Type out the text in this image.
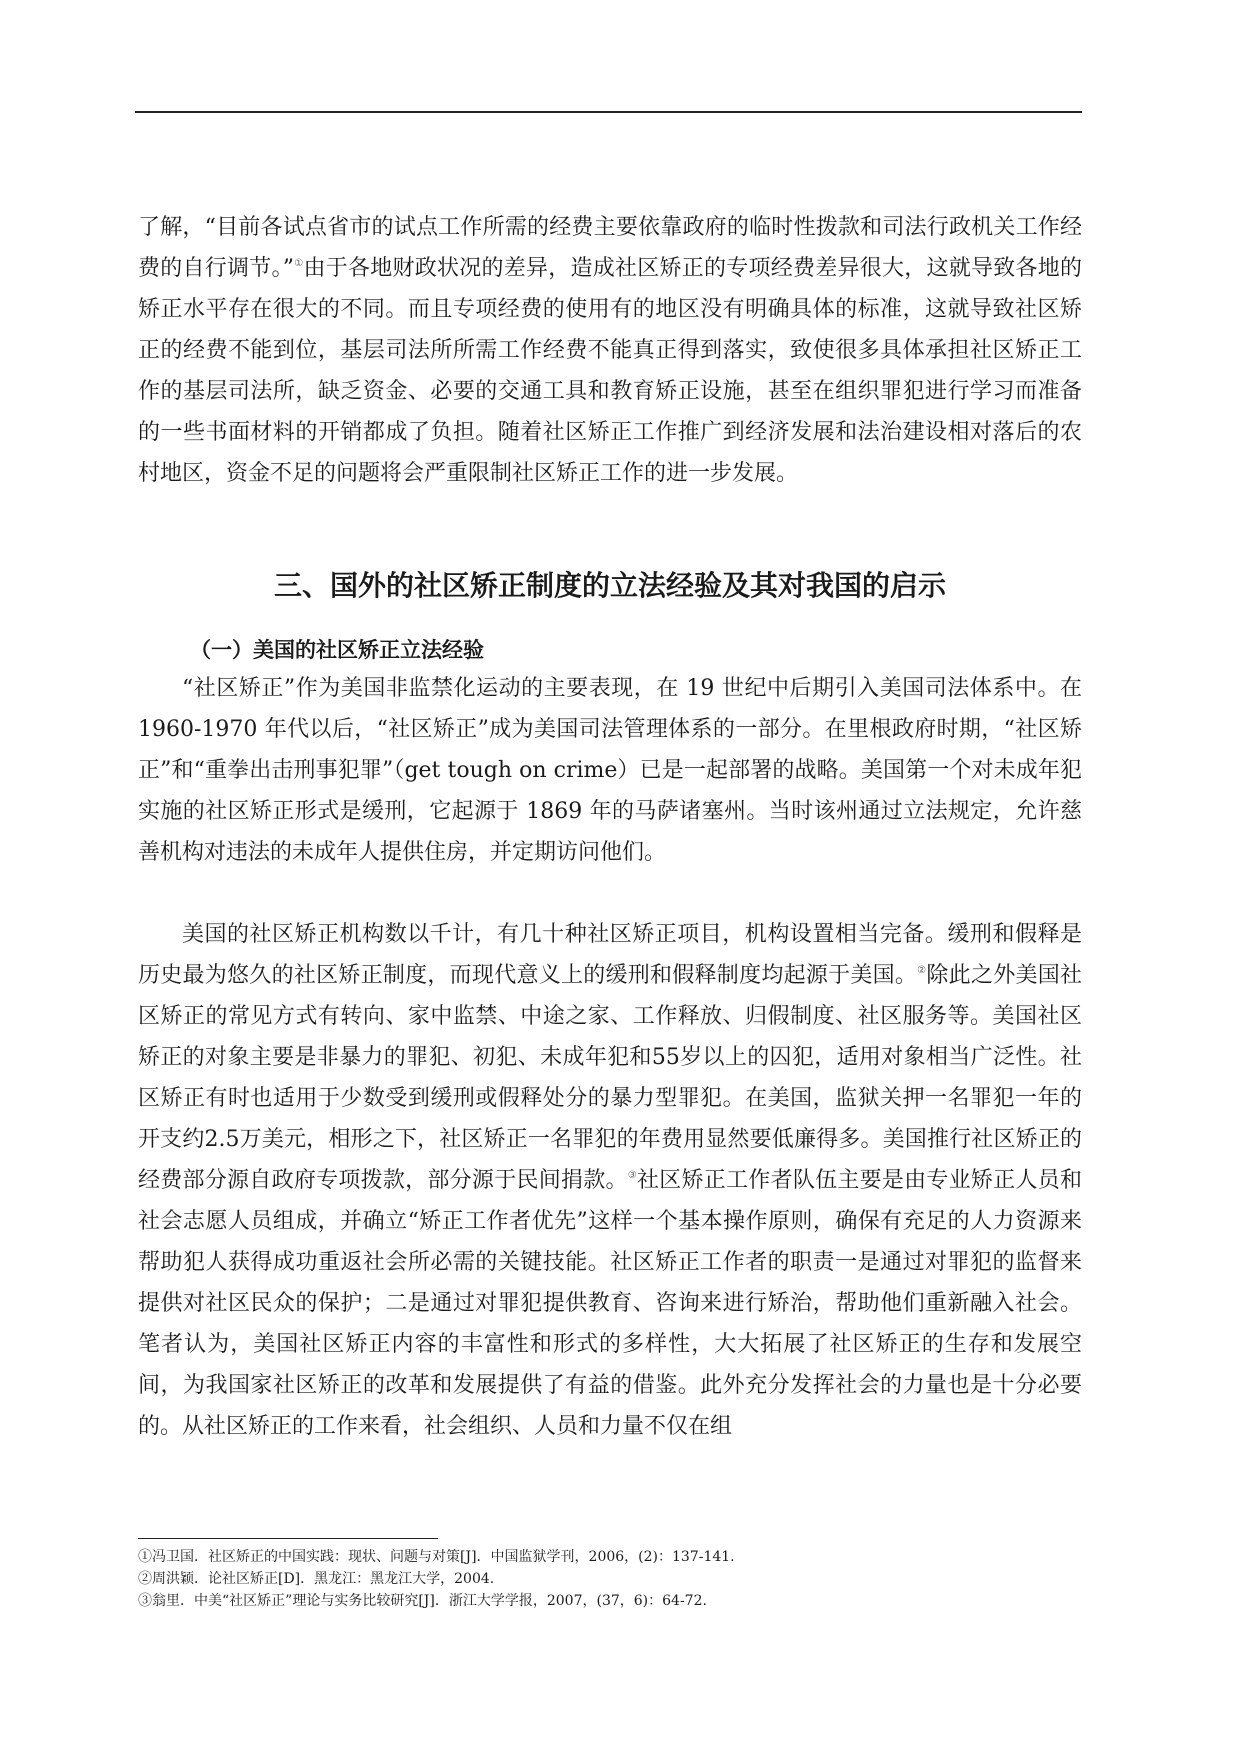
了解，“目前各试点省市的试点工作所需的经费主要依靠政府的临时性拨款和司法行政机关工作经费的自行调节。”①由于各地财政状况的差异，造成社区矫正的专项经费差异很大，这就导致各地的矫正水平存在很大的不同。而且专项经费的使用有的地区没有明确具体的标准，这就导致社区矫正的经费不能到位，基层司法所所需工作经费不能真正得到落实，致使很多具体承担社区矫正工作的基层司法所，缺乏资金、必要的交通工具和教育矫正设施，甚至在组织罪犯进行学习而准备的一些书面材料的开销都成了负担。随着社区矫正工作推广到经济发展和法治建设相对落后的农村地区，资金不足的问题将会严重限制社区矫正工作的进一步发展。

三、国外的社区矫正制度的立法经验及其对我国的启示
（一）美国的社区矫正立法经验

“社区矫正”作为美国非监禁化运动的主要表现，在 19 世纪中后期引入美国司法体系中。在 1960-1970 年代以后，“社区矫正”成为美国司法管理体系的一部分。在里根政府时期，“社区矫正”和“重拳出击刑事犯罪”（get tough on crime）已是一起部署的战略。美国第一个对未成年犯实施的社区矫正形式是缓刑，它起源于 1869 年的马萨诸塞州。当时该州通过立法规定，允许慈善机构对违法的未成年人提供住房，并定期访问他们。

美国的社区矫正机构数以千计，有几十种社区矫正项目，机构设置相当完备。缓刑和假释是历史最为悠久的社区矫正制度，而现代意义上的缓刑和假释制度均起源于美国。②除此之外美国社区矫正的常见方式有转向、家中监禁、中途之家、工作释放、归假制度、社区服务等。美国社区矫正的对象主要是非暴力的罪犯、初犯、未成年犯和55岁以上的囚犯，适用对象相当广泛性。社区矫正有时也适用于少数受到缓刑或假释处分的暴力型罪犯。在美国，监狱关押一名罪犯一年的开支约2.5万美元，相形之下，社区矫正一名罪犯的年费用显然要低廉得多。美国推行社区矫正的经费部分源自政府专项拨款，部分源于民间捐款。③社区矫正工作者队伍主要是由专业矫正人员和社会志愿人员组成，并确立“矫正工作者优先”这样一个基本操作原则，确保有充足的人力资源来帮助犯人获得成功重返社会所必需的关键技能。社区矫正工作者的职责一是通过对罪犯的监督来提供对社区民众的保护；二是通过对罪犯提供教育、咨询来进行矫治，帮助他们重新融入社会。笔者认为，美国社区矫正内容的丰富性和形式的多样性，大大拓展了社区矫正的生存和发展空间，为我国家社区矫正的改革和发展提供了有益的借鉴。此外充分发挥社会的力量也是十分必要的。从社区矫正的工作来看，社会组织、人员和力量不仅在组

①冯卫国．社区矫正的中国实践：现状、问题与对策[J]．中国监狱学刊，2006，(2)：137-141.
②周洪颖．论社区矫正[D]．黑龙江：黑龙江大学，2004.
③翁里．中美“社区矫正”理论与实务比较研究[J]．浙江大学学报，2007，(37，6)：64-72.
